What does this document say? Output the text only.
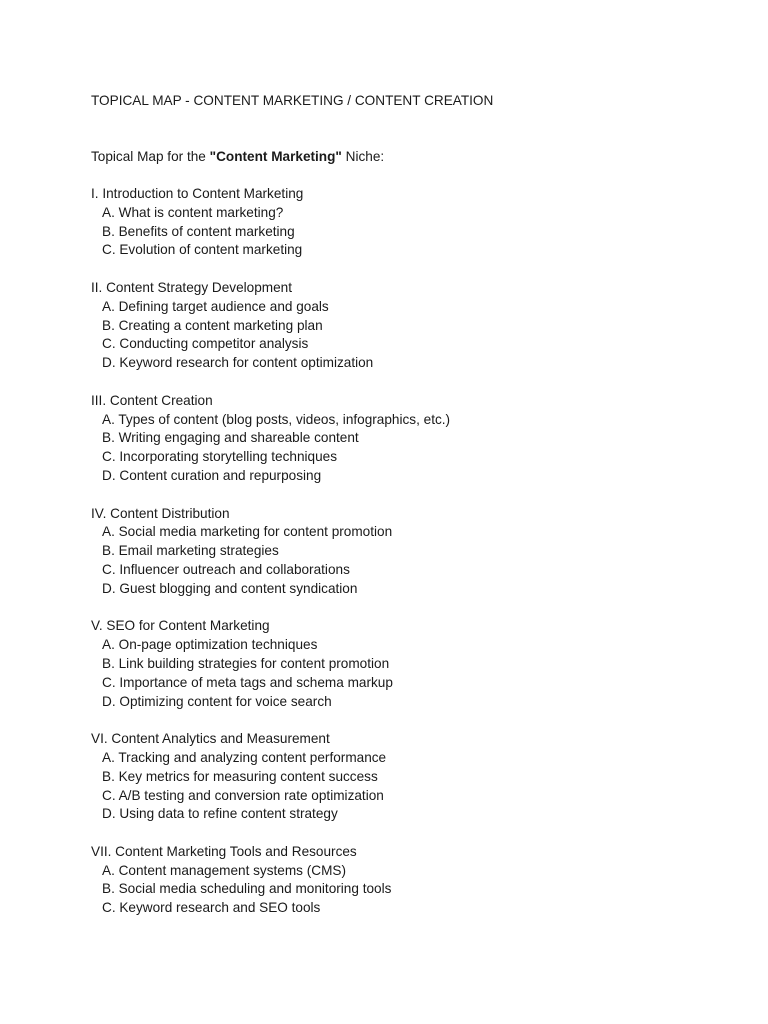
TOPICAL MAP - CONTENT MARKETING / CONTENT CREATION

Topical Map for the "Content Marketing" Niche:

I. Introduction to Content Marketing
A. What is content marketing?
B. Benefits of content marketing
C. Evolution of content marketing
II. Content Strategy Development
A. Defining target audience and goals
B. Creating a content marketing plan
C. Conducting competitor analysis
D. Keyword research for content optimization
III. Content Creation
A. Types of content (blog posts, videos, infographics, etc.)
B. Writing engaging and shareable content
C. Incorporating storytelling techniques
D. Content curation and repurposing
IV. Content Distribution
A. Social media marketing for content promotion
B. Email marketing strategies
C. Influencer outreach and collaborations
D. Guest blogging and content syndication
V. SEO for Content Marketing
A. On-page optimization techniques
B. Link building strategies for content promotion
C. Importance of meta tags and schema markup
D. Optimizing content for voice search
VI. Content Analytics and Measurement
A. Tracking and analyzing content performance
B. Key metrics for measuring content success
C. A/B testing and conversion rate optimization
D. Using data to refine content strategy
VII. Content Marketing Tools and Resources
A. Content management systems (CMS)
B. Social media scheduling and monitoring tools
C. Keyword research and SEO tools
